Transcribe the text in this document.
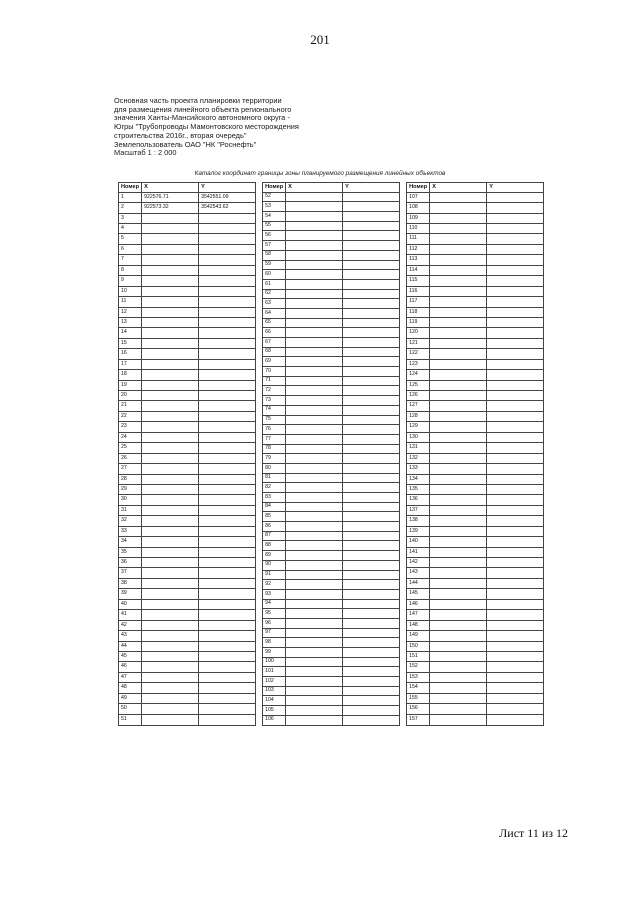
201
Основная часть проекта планировки территории
для размещения линейного объекта регионального
значения Ханты-Мансийского автономного округа -
Югры "Трубопроводы Мамонтовского месторождения
строительства 2016г., вторая очередь"
Землепользователь ОАО "НК "Роснефть"
Масштаб 1 : 2 000
Каталог координат границы зоны планируемого размещения линейных объектов
Номер	X	Y
1	922576.71	3542551.09
2	922573.32	3542543.62
3		
4		
5		
6		
7		
8		
9		
10		
11		
12		
13		
14		
15		
16		
17		
18		
19		
20		
21		
22		
23		
24		
25		
26		
27		
28		
29		
30		
31		
32		
33		
34		
35		
36		
37		
38		
39		
40		
41		
42		
43		
44		
45		
46		
47		
48		
49		
50		
51		
Номер	X	Y
52		
53		
54		
55		
56		
57		
58		
59		
60		
61		
62		
63		
64		
65		
66		
67		
68		
69		
70		
71		
72		
73		
74		
75		
76		
77		
78		
79		
80		
81		
82		
83		
84		
85		
86		
87		
88		
89		
90		
91		
92		
93		
94		
95		
96		
97		
98		
99		
100		
101		
102		
103		
104		
105		
106		
Номер	X	Y
107		
108		
109		
110		
111		
112		
113		
114		
115		
116		
117		
118		
119		
120		
121		
122		
123		
124		
125		
126		
127		
128		
129		
130		
131		
132		
133		
134		
135		
136		
137		
138		
139		
140		
141		
142		
143		
144		
145		
146		
147		
148		
149		
150		
151		
152		
153		
154		
155		
156		
157		
Лист 11 из 12
